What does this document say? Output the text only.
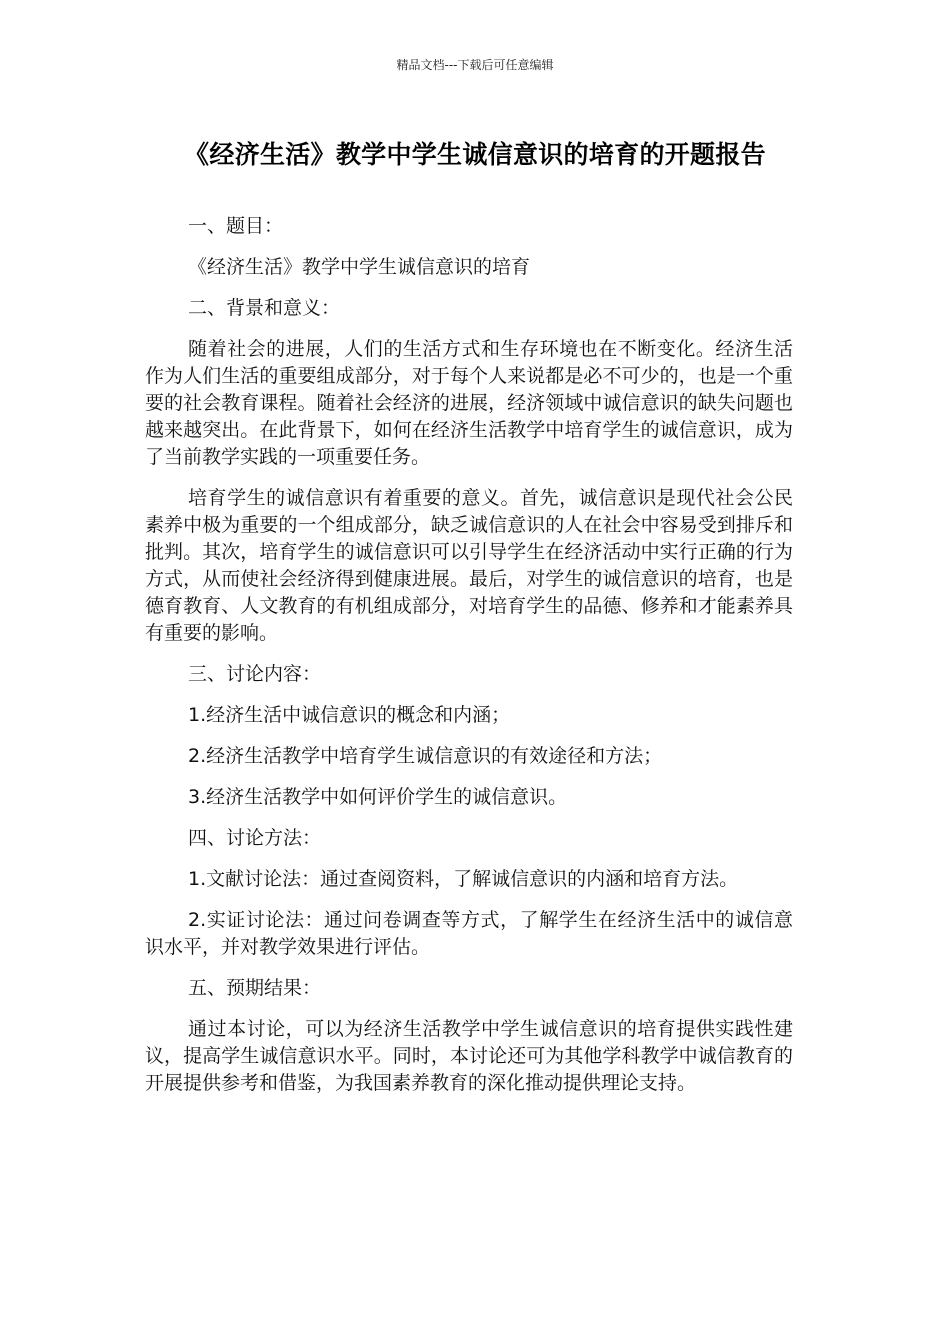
精品文档---下载后可任意编辑
《经济生活》教学中学生诚信意识的培育的开题报告

一、题目：

《经济生活》教学中学生诚信意识的培育

二、背景和意义：

随着社会的进展，人们的生活方式和生存环境也在不断变化。经济生活作为人们生活的重要组成部分，对于每个人来说都是必不可少的，也是一个重要的社会教育课程。随着社会经济的进展，经济领域中诚信意识的缺失问题也越来越突出。在此背景下，如何在经济生活教学中培育学生的诚信意识，成为了当前教学实践的一项重要任务。

培育学生的诚信意识有着重要的意义。首先，诚信意识是现代社会公民素养中极为重要的一个组成部分，缺乏诚信意识的人在社会中容易受到排斥和批判。其次，培育学生的诚信意识可以引导学生在经济活动中实行正确的行为方式，从而使社会经济得到健康进展。最后，对学生的诚信意识的培育，也是德育教育、人文教育的有机组成部分，对培育学生的品德、修养和才能素养具有重要的影响。

三、讨论内容：

1.经济生活中诚信意识的概念和内涵；

2.经济生活教学中培育学生诚信意识的有效途径和方法；

3.经济生活教学中如何评价学生的诚信意识。

四、讨论方法：

1.文献讨论法：通过查阅资料，了解诚信意识的内涵和培育方法。

2.实证讨论法：通过问卷调查等方式，了解学生在经济生活中的诚信意识水平，并对教学效果进行评估。

五、预期结果：

通过本讨论，可以为经济生活教学中学生诚信意识的培育提供实践性建议，提高学生诚信意识水平。同时，本讨论还可为其他学科教学中诚信教育的开展提供参考和借鉴，为我国素养教育的深化推动提供理论支持。
